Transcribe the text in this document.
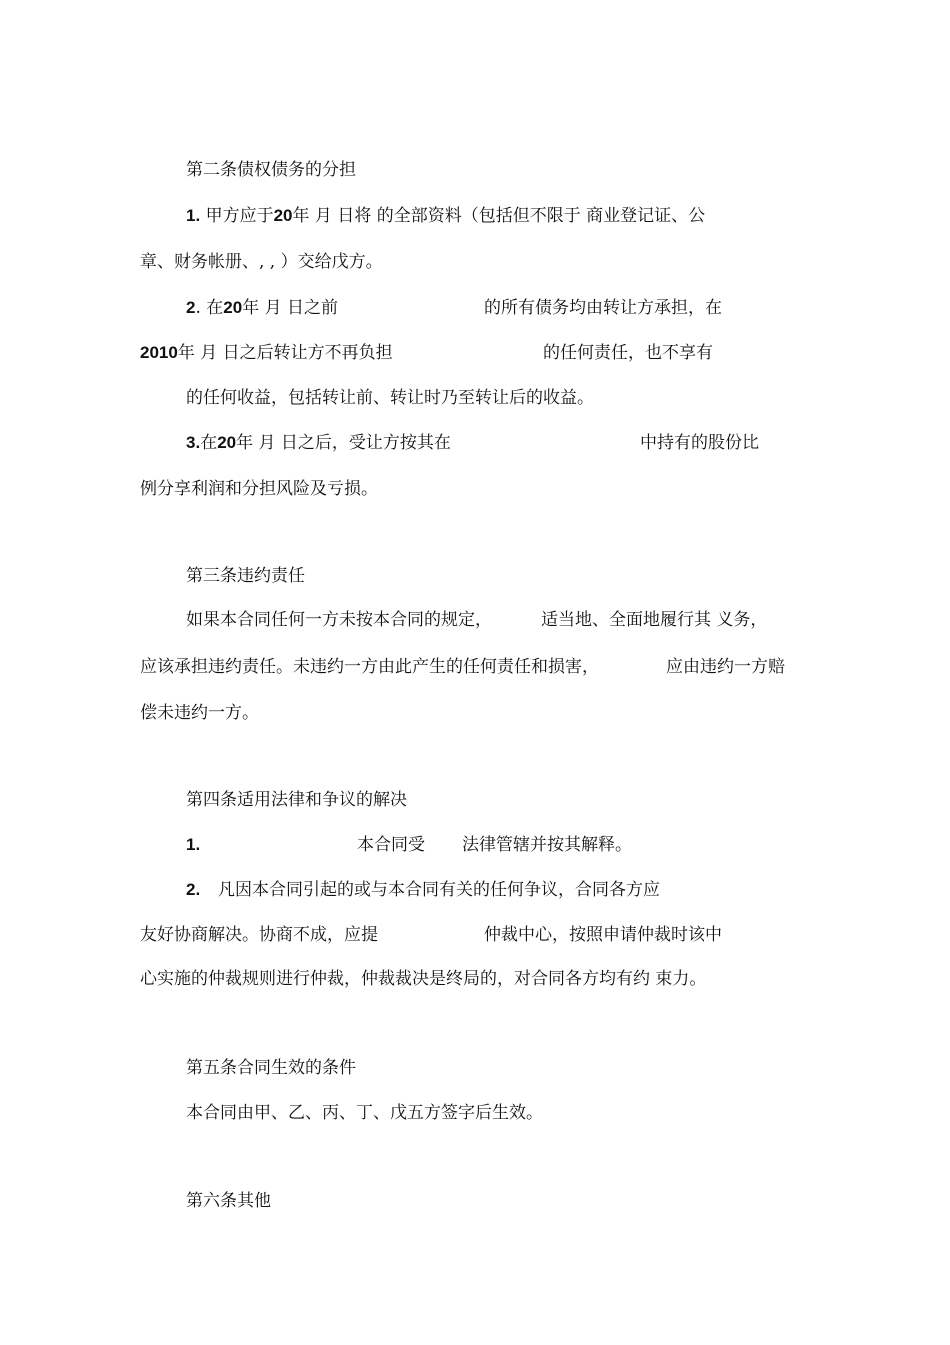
第二条债权债务的分担
1. 甲方应于20年 月 日将 的全部资料（包括但不限于 商业登记证、公
章、财务帐册、, , ）交给戊方。
2. 在20年 月 日之前	的所有债务均由转让方承担，在
2010年 月 日之后转让方不再负担	的任何责任，也不享有
的任何收益，包括转让前、转让时乃至转让后的收益。
3.在20年 月 日之后，受让方按其在	中持有的股份比
例分享利润和分担风险及亏损。
第三条违约责任
如果本合同任何一方未按本合同的规定，	适当地、全面地履行其 义务，
应该承担违约责任。未违约一方由此产生的任何责任和损害，	应由违约一方赔
偿未违约一方。
第四条适用法律和争议的解决
1.	本合同受 法律管辖并按其解释。
2. 凡因本合同引起的或与本合同有关的任何争议，合同各方应
友好协商解决。协商不成，应提	仲裁中心，按照申请仲裁时该中
心实施的仲裁规则进行仲裁，仲裁裁决是终局的，对合同各方均有约 束力。
第五条合同生效的条件
本合同由甲、乙、丙、丁、戊五方签字后生效。
第六条其他
